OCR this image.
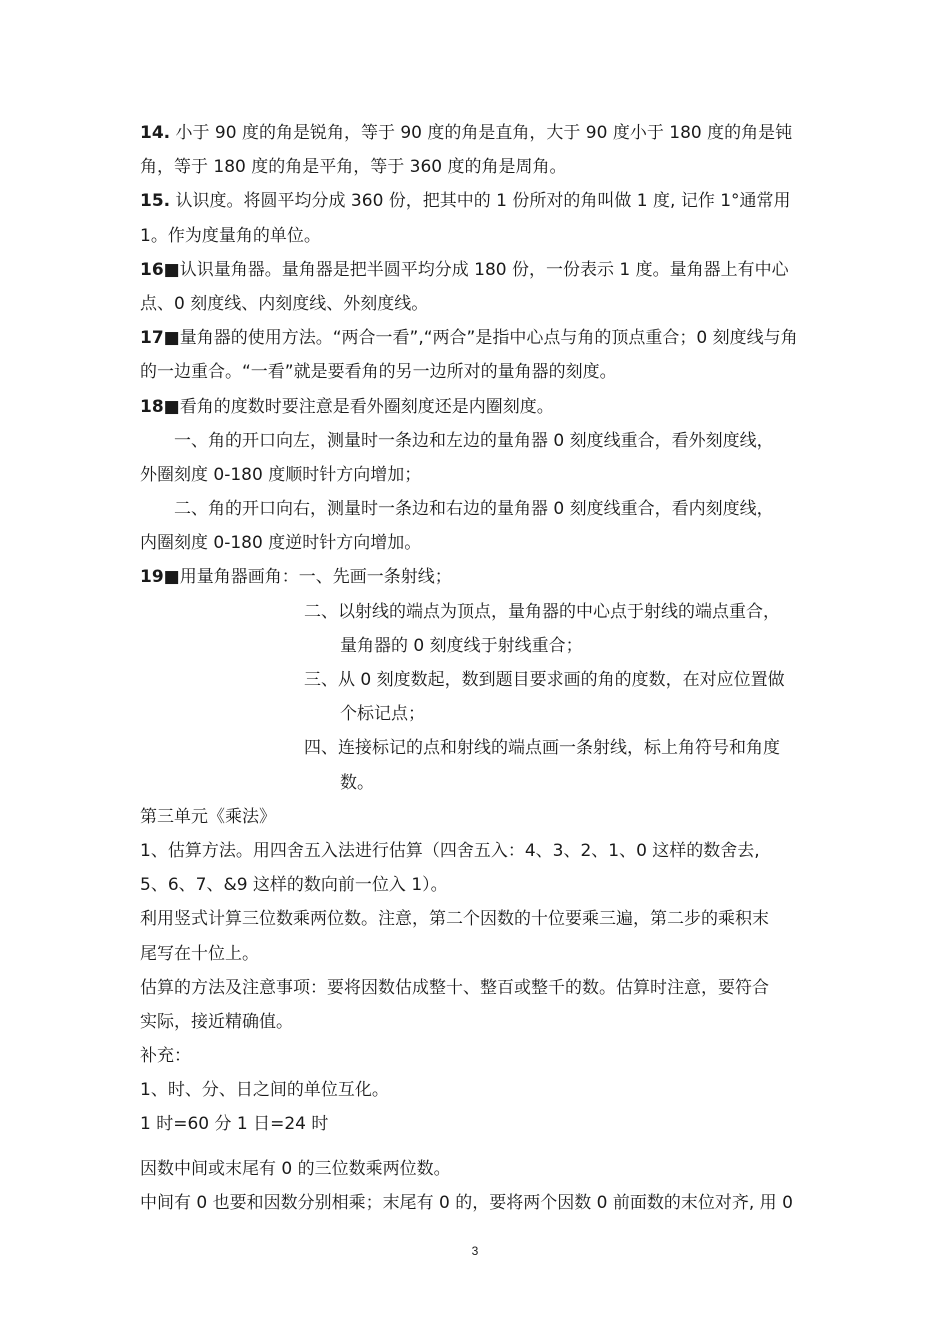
14. 小于 90 度的角是锐角，等于 90 度的角是直角，大于 90 度小于 180 度的角是钝
角，等于 180 度的角是平角，等于 360 度的角是周角。
15. 认识度。将圆平均分成 360 份，把其中的 1 份所对的角叫做 1 度, 记作 1°通常用
1。作为度量角的单位。
16■认识量角器。量角器是把半圆平均分成 180 份，一份表示 1 度。量角器上有中心
点、0 刻度线、内刻度线、外刻度线。
17■量角器的使用方法。“两合一看”,“两合”是指中心点与角的顶点重合；0 刻度线与角
的一边重合。“一看”就是要看角的另一边所对的量角器的刻度。
18■看角的度数时要注意是看外圈刻度还是内圈刻度。
一、角的开口向左，测量时一条边和左边的量角器 0 刻度线重合，看外刻度线，
外圈刻度 0-180 度顺时针方向增加；
二、角的开口向右，测量时一条边和右边的量角器 0 刻度线重合，看内刻度线，
内圈刻度 0-180 度逆时针方向增加。
19■用量角器画角：一、先画一条射线；
二、以射线的端点为顶点，量角器的中心点于射线的端点重合，
量角器的 0 刻度线于射线重合；
三、从 0 刻度数起，数到题目要求画的角的度数，在对应位置做
个标记点；
四、连接标记的点和射线的端点画一条射线，标上角符号和角度
数。
第三单元《乘法》
1、估算方法。用四舍五入法进行估算（四舍五入：4、3、2、1、0 这样的数舍去,
5、6、7、&9 这样的数向前一位入 1）。
利用竖式计算三位数乘两位数。注意，第二个因数的十位要乘三遍，第二步的乘积末
尾写在十位上。
估算的方法及注意事项：要将因数估成整十、整百或整千的数。估算时注意，要符合
实际，接近精确值。
补充：
1、时、分、日之间的单位互化。
1 时=60 分 1 日=24 时
因数中间或末尾有 0 的三位数乘两位数。
中间有 0 也要和因数分别相乘；末尾有 0 的，要将两个因数 0 前面数的末位对齐, 用 0
3
